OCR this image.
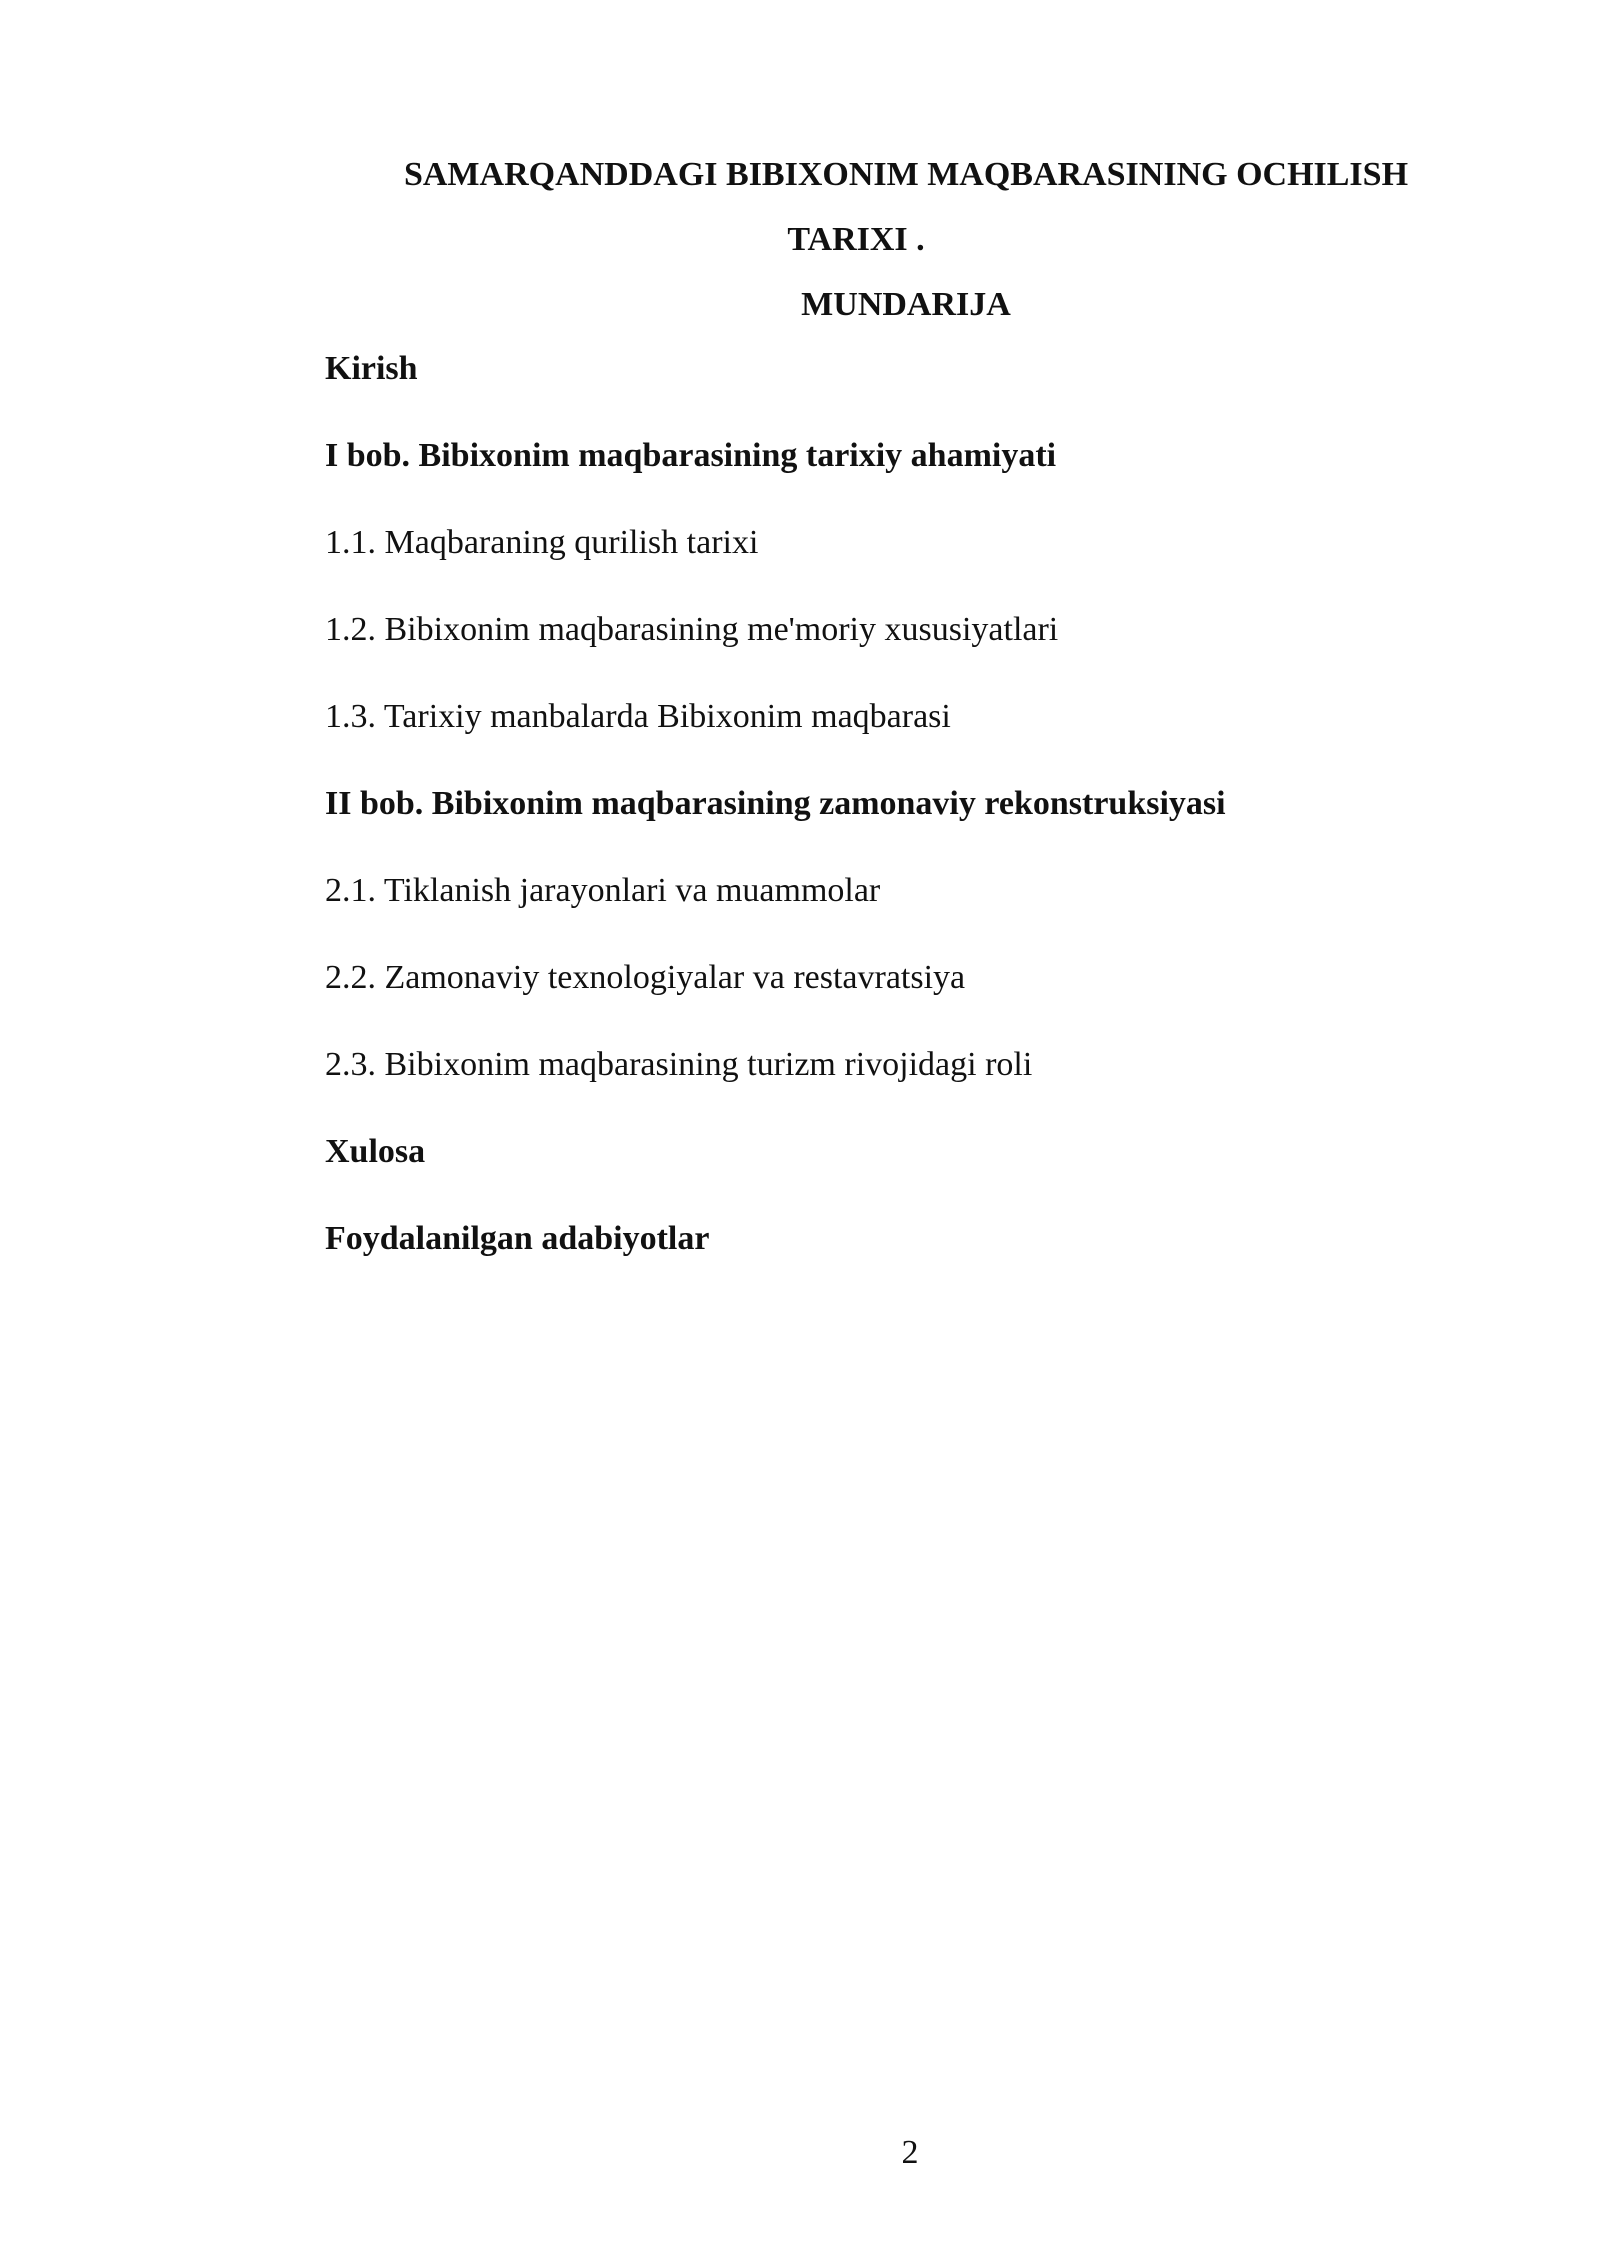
SAMARQANDDAGI BIBIXONIM MAQBARASINING OCHILISH
TARIXI .
MUNDARIJA
Kirish
I bob. Bibixonim maqbarasining tarixiy ahamiyati
1.1. Maqbaraning qurilish tarixi
1.2. Bibixonim maqbarasining me'moriy xususiyatlari
1.3. Tarixiy manbalarda Bibixonim maqbarasi
II bob. Bibixonim maqbarasining zamonaviy rekonstruksiyasi
2.1. Tiklanish jarayonlari va muammolar
2.2. Zamonaviy texnologiyalar va restavratsiya
2.3. Bibixonim maqbarasining turizm rivojidagi roli
Xulosa
Foydalanilgan adabiyotlar
2
